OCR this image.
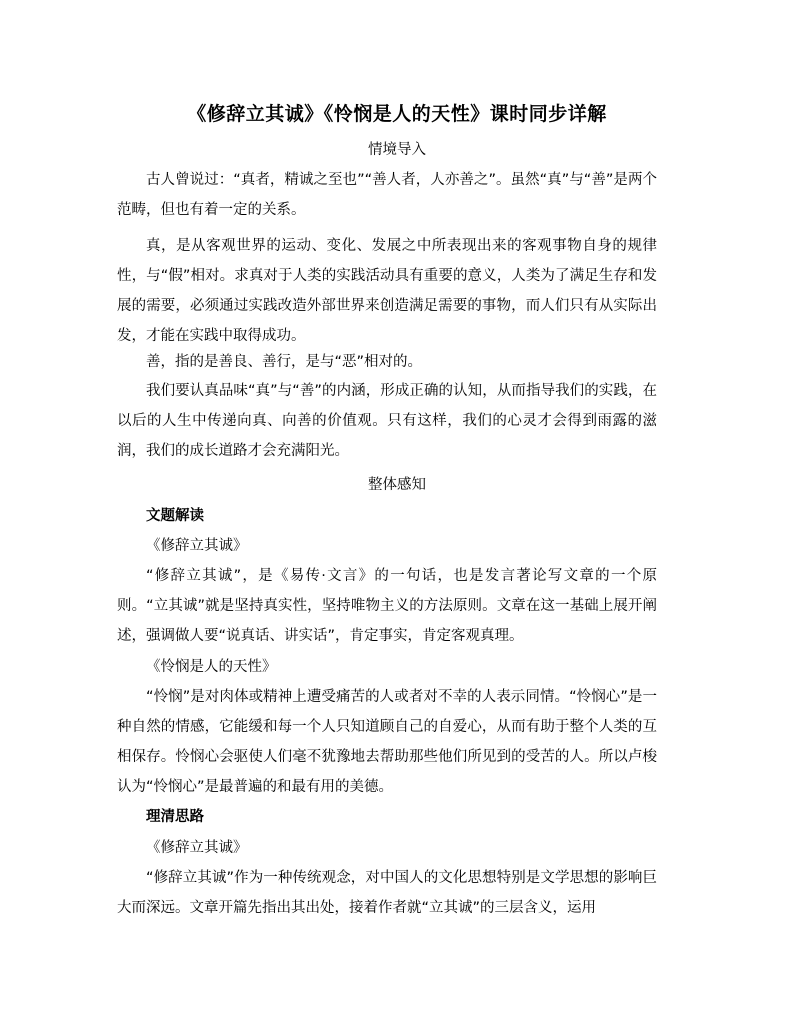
《修辞立其诚》《怜悯是人的天性》课时同步详解
情境导入
古人曾说过：“真者，精诚之至也”“善人者，人亦善之”。虽然“真”与“善”是两个范畴，但也有着一定的关系。
真，是从客观世界的运动、变化、发展之中所表现出来的客观事物自身的规律性，与“假”相对。求真对于人类的实践活动具有重要的意义，人类为了满足生存和发展的需要，必须通过实践改造外部世界来创造满足需要的事物，而人们只有从实际出发，才能在实践中取得成功。
善，指的是善良、善行，是与“恶”相对的。
我们要认真品味“真”与“善”的内涵，形成正确的认知，从而指导我们的实践，在以后的人生中传递向真、向善的价值观。只有这样，我们的心灵才会得到雨露的滋润，我们的成长道路才会充满阳光。
整体感知
文题解读
《修辞立其诚》
“修辞立其诚”，是《易传·文言》的一句话，也是发言著论写文章的一个原则。“立其诚”就是坚持真实性，坚持唯物主义的方法原则。文章在这一基础上展开阐述，强调做人要“说真话、讲实话”，肯定事实，肯定客观真理。
《怜悯是人的天性》
“怜悯”是对肉体或精神上遭受痛苦的人或者对不幸的人表示同情。“怜悯心”是一种自然的情感，它能缓和每一个人只知道顾自己的自爱心，从而有助于整个人类的互相保存。怜悯心会驱使人们毫不犹豫地去帮助那些他们所见到的受苦的人。所以卢梭认为“怜悯心”是最普遍的和最有用的美德。
理清思路
《修辞立其诚》
“修辞立其诚”作为一种传统观念，对中国人的文化思想特别是文学思想的影响巨大而深远。文章开篇先指出其出处，接着作者就“立其诚”的三层含义，运用
